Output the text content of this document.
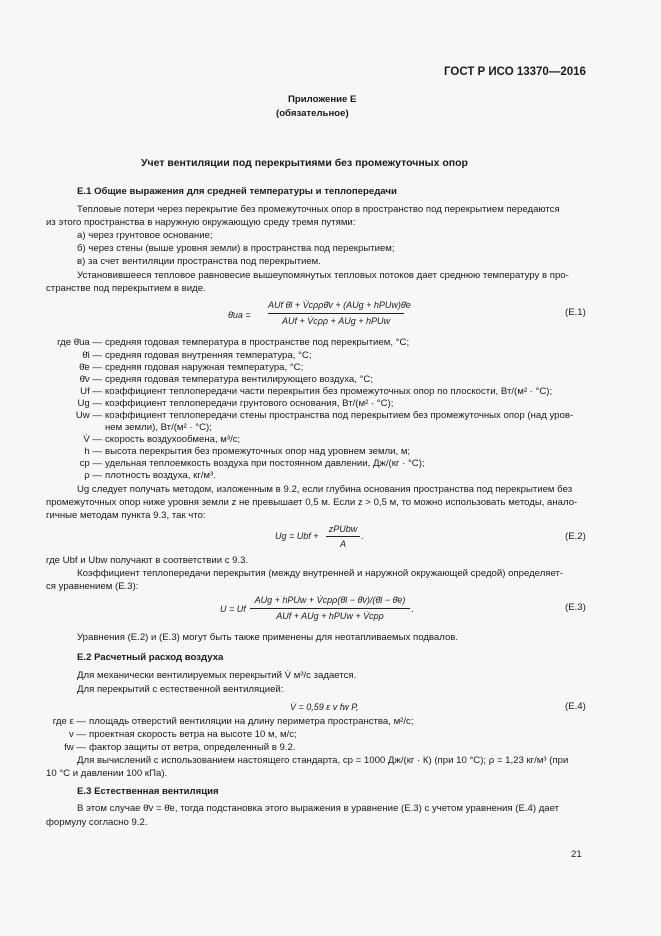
ГОСТ Р ИСО 13370—2016
Приложение Е
(обязательное)
Учет вентиляции под перекрытиями без промежуточных опор
Е.1 Общие выражения для средней температуры и теплопередачи
Тепловые потери через перекрытие без промежуточных опор в пространство под перекрытием передаются
из этого пространства в наружную окружающую среду тремя путями:
а) через грунтовое основание;
б) через стены (выше уровня земли) в пространства под перекрытием;
в) за счет вентиляции пространства под перекрытием.
Установившееся тепловое равновесие вышеупомянутых тепловых потоков дает среднюю температуру в про-
странстве под перекрытием в виде.
θ̄ua =
AUf θ̄i + V̇cρρθ̄v + (AUg + hPUw)θ̄e
AUf + V̇cρρ + AUg + hPUw
(E.1)
где θ̄ua — средняя годовая температура в пространстве под перекрытием, °С;
θ̄i — средняя годовая внутренняя температура, °С;
θ̄e — средняя годовая наружная температура, °С;
θ̄v — средняя годовая температура вентилирующего воздуха, °С;
Uf — коэффициент теплопередачи части перекрытия без промежуточных опор по плоскости, Вт/(м² · °С);
Ug — коэффициент теплопередачи грунтового основания, Вт/(м² · °С);
Uw — коэффициент теплопередачи стены пространства под перекрытием без промежуточных опор (над уров-
нем земли), Вт/(м² · °С);
V̇ — скорость воздухообмена, м³/с;
h — высота перекрытия без промежуточных опор над уровнем земли, м;
cp — удельная теплоемкость воздуха при постоянном давлении, Дж/(кг · °С);
ρ — плотность воздуха, кг/м³.
Ug следует получать методом, изложенным в 9.2, если глубина основания пространства под перекрытием без
промежуточных опор ниже уровня земли z не превышает 0,5 м. Если z > 0,5 м, то можно использовать методы, анало-
гичные методам пункта 9.3, так что:
Ug = Ubf +
zPUbw
A
.	(E.2)
где Ubf и Ubw получают в соответствии с 9.3.
Коэффициент теплопередачи перекрытия (между внутренней и наружной окружающей средой) определяет-
ся уравнением (Е.3):
U = Uf
AUg + hPUw + V̇cpρ(θ̄i − θ̄v)/(θ̄i − θ̄e)
AUf + AUg + hPUw + V̇cpρ
.	(E.3)
Уравнения (Е.2) и (Е.3) могут быть также применены для неотапливаемых подвалов.
Е.2 Расчетный расход воздуха
Для механически вентилируемых перекрытий V̇ м³/с задается.
Для перекрытий с естественной вентиляцией:
V̇ = 0,59 ε v fw P,	(E.4)
где ε — площадь отверстий вентиляции на длину периметра пространства, м²/с;
v — проектная скорость ветра на высоте 10 м, м/с;
fw — фактор защиты от ветра, определенный в 9.2.
Для вычислений с использованием настоящего стандарта, cp = 1000 Дж/(кг · К) (при 10 °С); ρ = 1,23 кг/м³ (при
10 °С и давлении 100 кПа).
Е.3 Естественная вентиляция
В этом случае θ̄v = θ̄e, тогда подстановка этого выражения в уравнение (Е.3) с учетом уравнения (Е.4) дает
формулу согласно 9.2.
21
